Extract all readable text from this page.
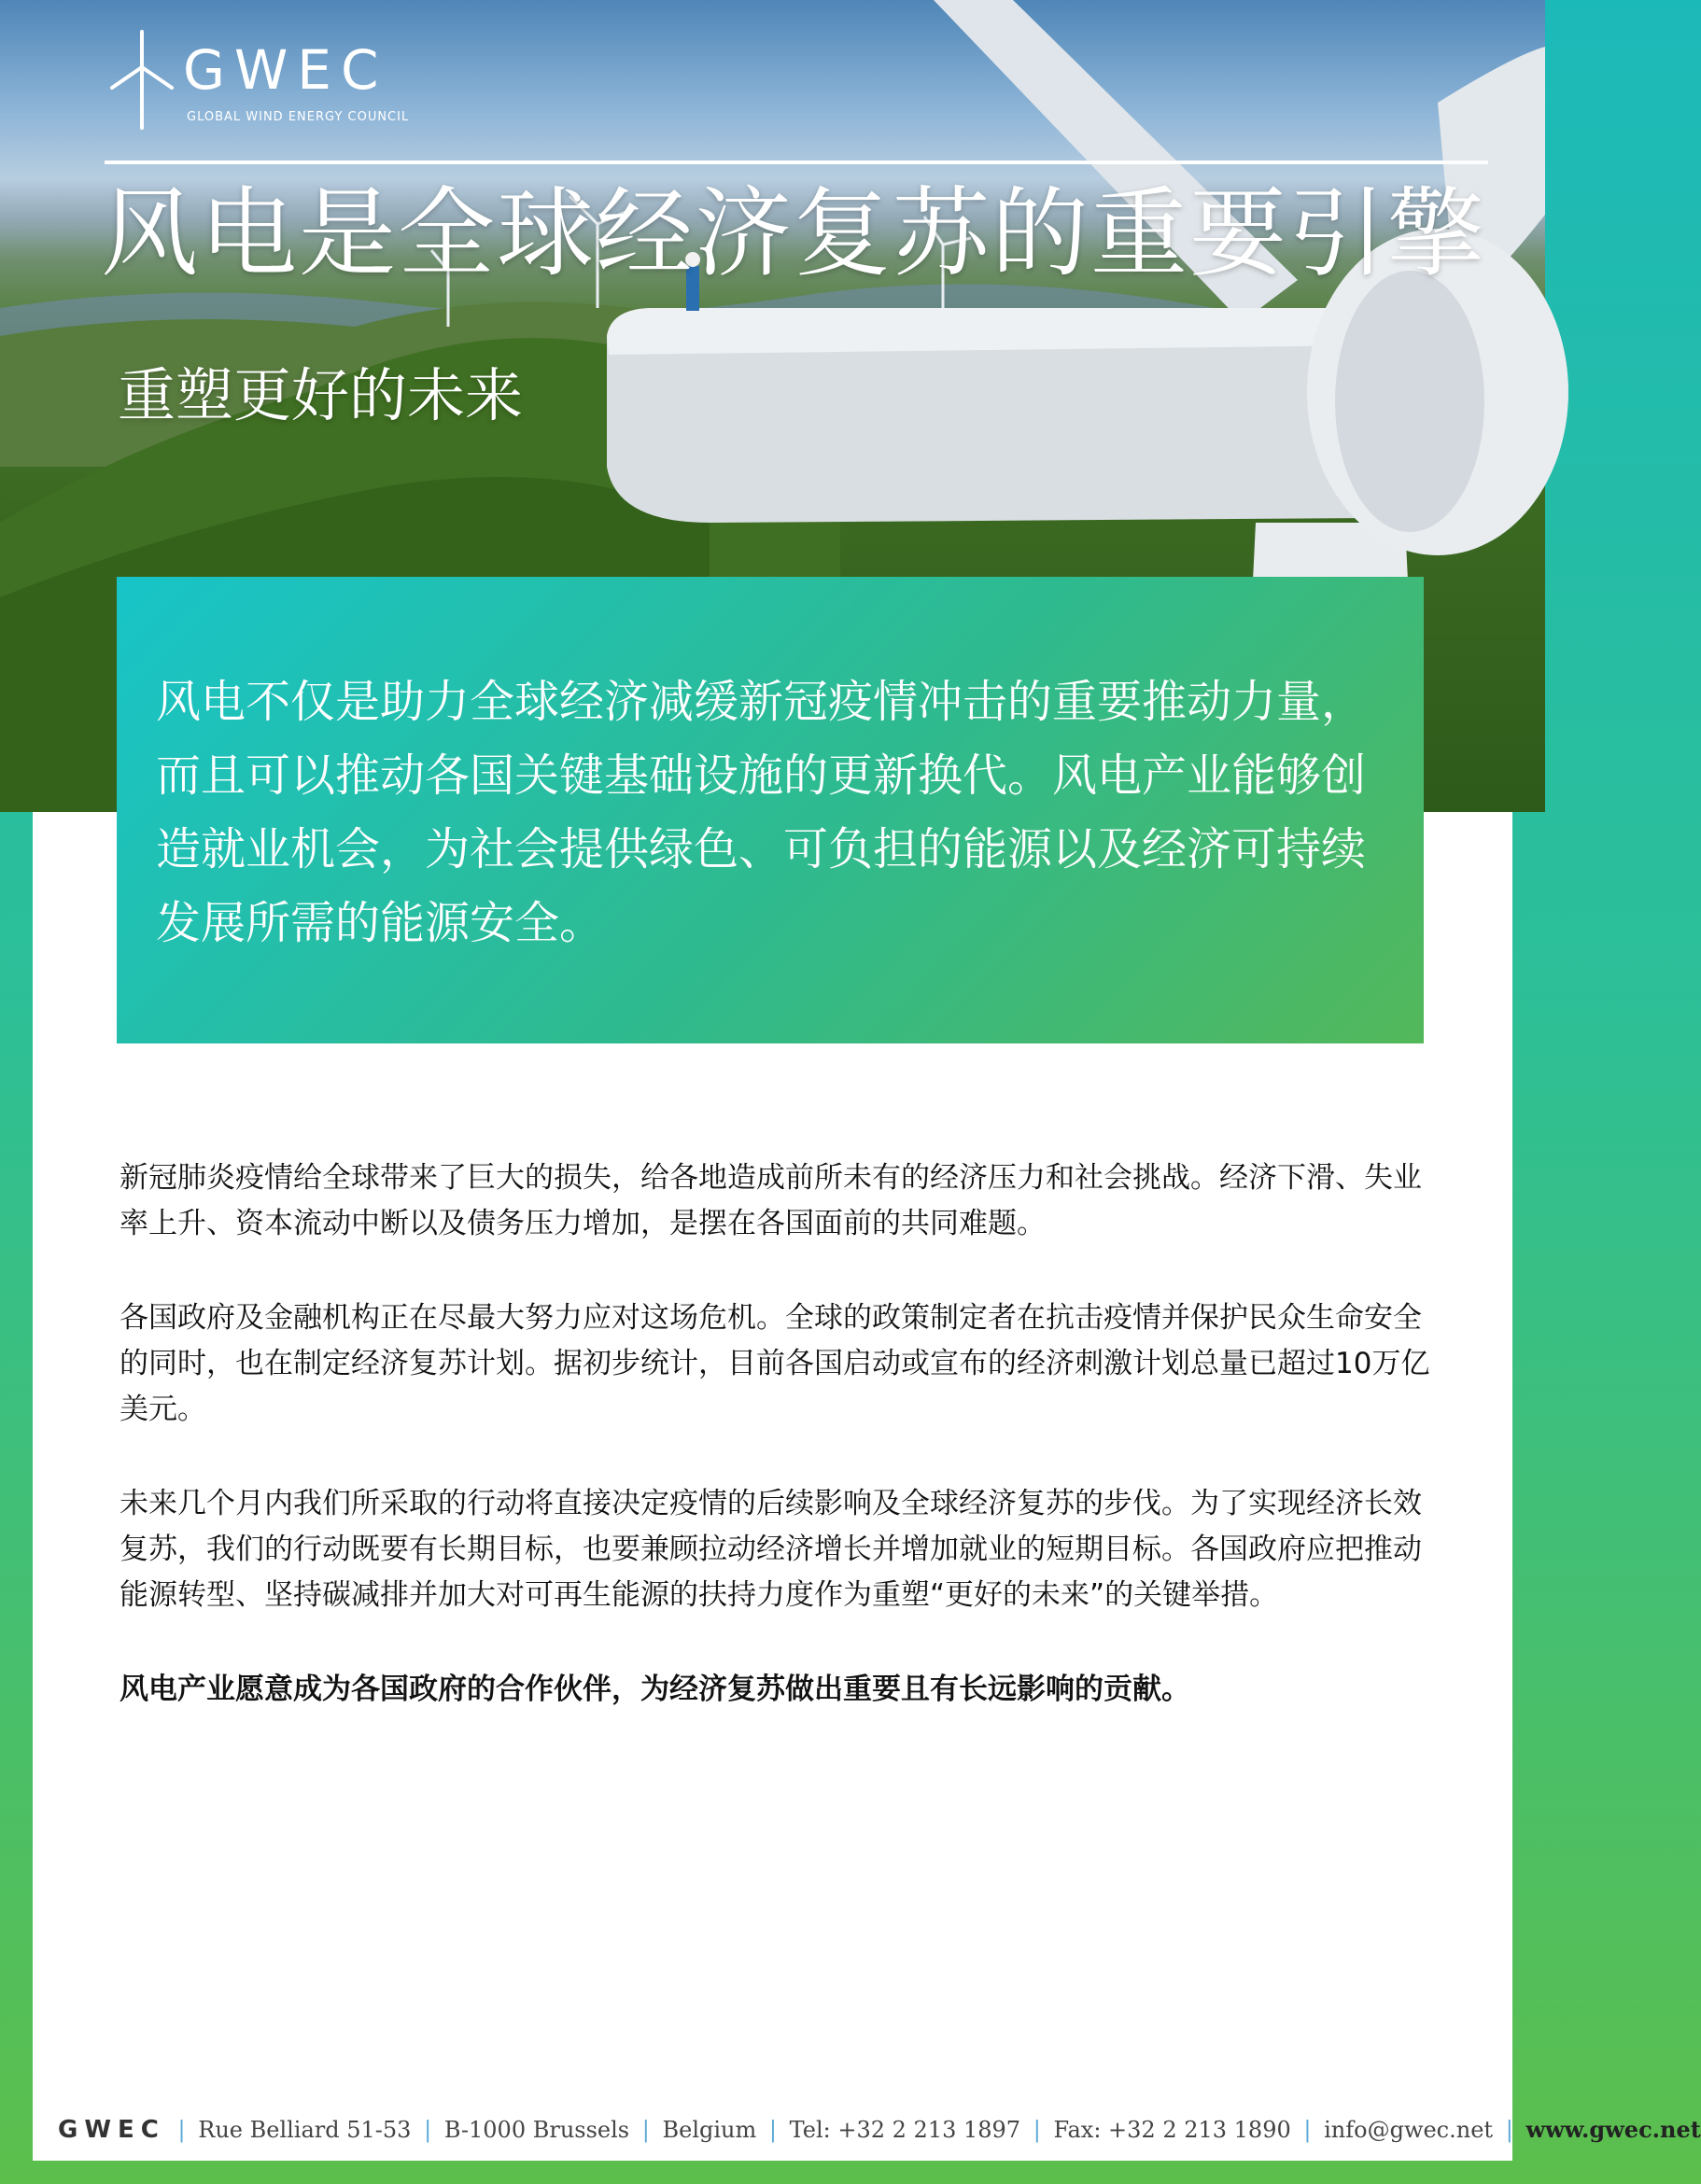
GWEC
GLOBAL WIND ENERGY COUNCIL
风电是全球经济复苏的重要引擎
重塑更好的未来

新冠肺炎疫情给全球带来了巨大的损失，给各地造成前所未有的经济压力和社会挑战。经济下滑、失业率上升、资本流动中断以及债务压力增加，是摆在各国面前的共同难题。

各国政府及金融机构正在尽最大努力应对这场危机。全球的政策制定者在抗击疫情并保护民众生命安全的同时，也在制定经济复苏计划。据初步统计，目前各国启动或宣布的经济刺激计划总量已超过10万亿美元。

未来几个月内我们所采取的行动将直接决定疫情的后续影响及全球经济复苏的步伐。为了实现经济长效复苏，我们的行动既要有长期目标，也要兼顾拉动经济增长并增加就业的短期目标。各国政府应把推动能源转型、坚持碳减排并加大对可再生能源的扶持力度作为重塑“更好的未来”的关键举措。

风电产业愿意成为各国政府的合作伙伴，为经济复苏做出重要且有长远影响的贡献。

风电不仅是助力全球经济减缓新冠疫情冲击的重要推动力量，而且可以推动各国关键基础设施的更新换代。风电产业能够创造就业机会，为社会提供绿色、可负担的能源以及经济可持续发展所需的能源安全。
GWEC | Rue Belliard 51-53 | B-1000 Brussels | Belgium | Tel: +32 2 213 1897 | Fax: +32 2 213 1890 | info@gwec.net | www.gwec.net
